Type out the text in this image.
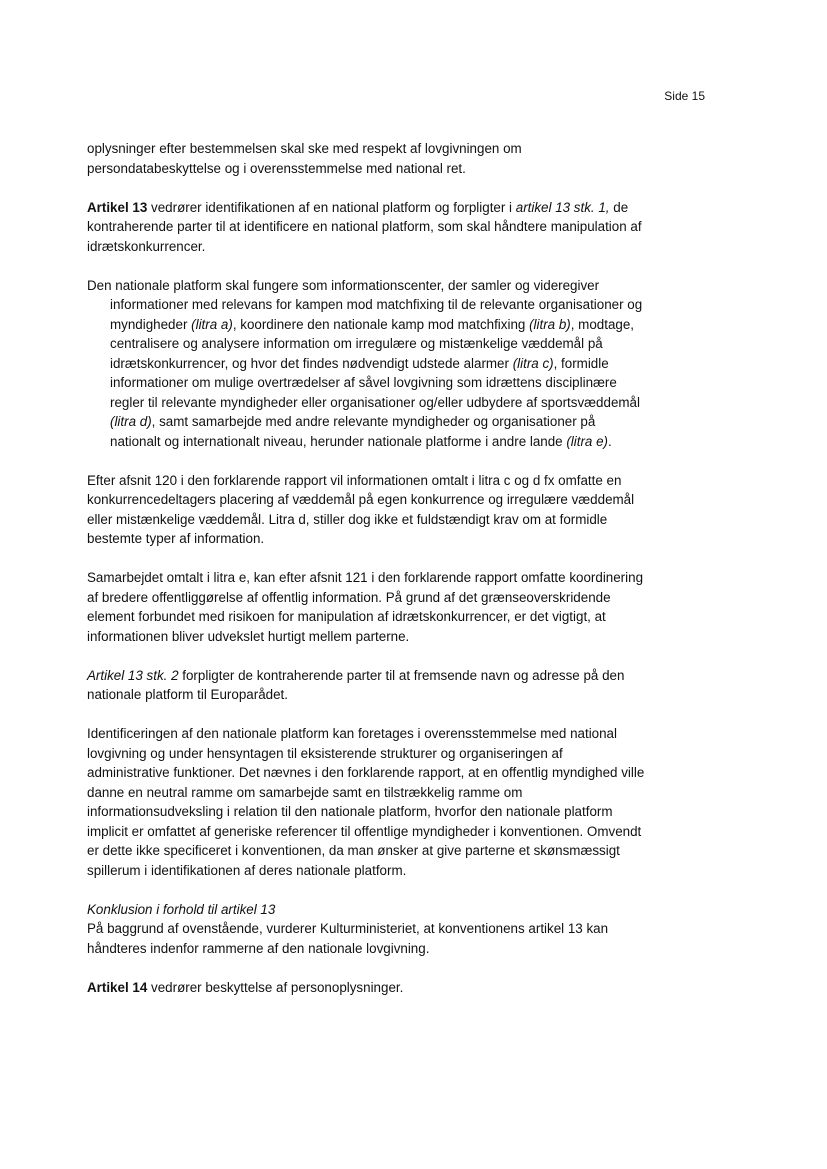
Side 15

oplysninger efter bestemmelsen skal ske med respekt af lovgivningen om persondatabeskyttelse og i overensstemmelse med national ret.

Artikel 13 vedrører identifikationen af en national platform og forpligter i artikel 13 stk. 1, de kontraherende parter til at identificere en national platform, som skal håndtere manipulation af idrætskonkurrencer.

Den nationale platform skal fungere som informationscenter, der samler og videregiver informationer med relevans for kampen mod matchfixing til de relevante organisationer og myndigheder (litra a), koordinere den nationale kamp mod matchfixing (litra b), modtage, centralisere og analysere information om irregulære og mistænkelige væddemål på idrætskonkurrencer, og hvor det findes nødvendigt udstede alarmer (litra c), formidle informationer om mulige overtrædelser af såvel lovgivning som idrættens disciplinære regler til relevante myndigheder eller organisationer og/eller udbydere af sportsvæddemål (litra d), samt samarbejde med andre relevante myndigheder og organisationer på nationalt og internationalt niveau, herunder nationale platforme i andre lande (litra e).

Efter afsnit 120 i den forklarende rapport vil informationen omtalt i litra c og d fx omfatte en konkurrencedeltagers placering af væddemål på egen konkurrence og irregulære væddemål eller mistænkelige væddemål. Litra d, stiller dog ikke et fuldstændigt krav om at formidle bestemte typer af information.

Samarbejdet omtalt i litra e, kan efter afsnit 121 i den forklarende rapport omfatte koordinering af bredere offentliggørelse af offentlig information. På grund af det grænseoverskridende element forbundet med risikoen for manipulation af idrætskonkurrencer, er det vigtigt, at informationen bliver udvekslet hurtigt mellem parterne.

Artikel 13 stk. 2 forpligter de kontraherende parter til at fremsende navn og adresse på den nationale platform til Europarådet.

Identificeringen af den nationale platform kan foretages i overensstemmelse med national lovgivning og under hensyntagen til eksisterende strukturer og organiseringen af administrative funktioner. Det nævnes i den forklarende rapport, at en offentlig myndighed ville danne en neutral ramme om samarbejde samt en tilstrækkelig ramme om informationsudveksling i relation til den nationale platform, hvorfor den nationale platform implicit er omfattet af generiske referencer til offentlige myndigheder i konventionen. Omvendt er dette ikke specificeret i konventionen, da man ønsker at give parterne et skønsmæssigt spillerum i identifikationen af deres nationale platform.

Konklusion i forhold til artikel 13
På baggrund af ovenstående, vurderer Kulturministeriet, at konventionens artikel 13 kan håndteres indenfor rammerne af den nationale lovgivning.

Artikel 14 vedrører beskyttelse af personoplysninger.
